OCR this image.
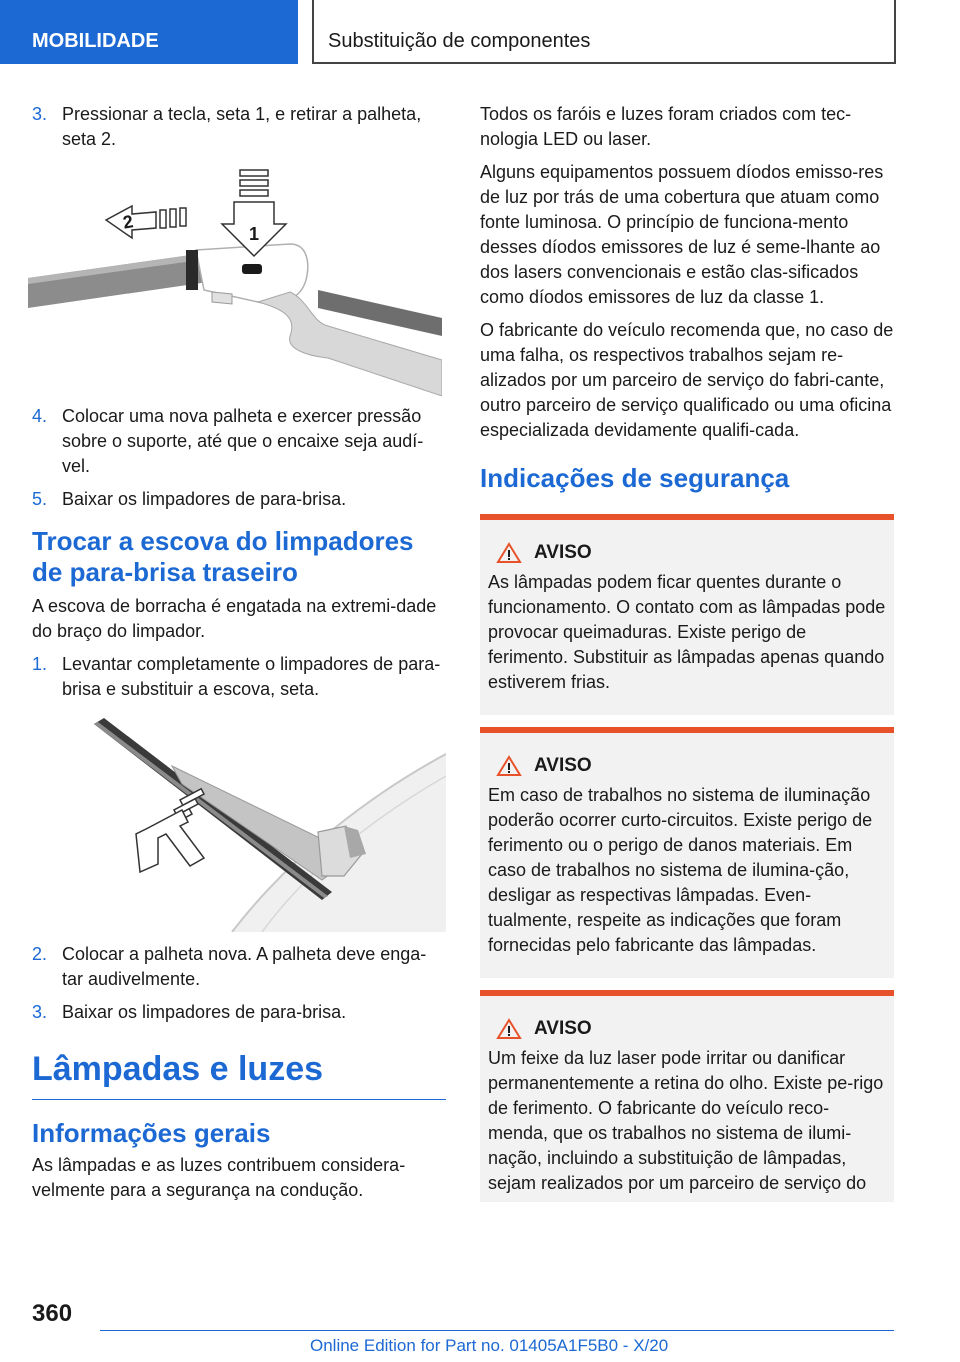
MOBILIDADE	Substituição de componentes
3. Pressionar a tecla, seta 1, e retirar a palheta, seta 2.
1
2
4. Colocar uma nova palheta e exercer pressão sobre o suporte, até que o encaixe seja audí-vel.
5. Baixar os limpadores de para-brisa.
Trocar a escova do limpadores de para-brisa traseiro

A escova de borracha é engatada na extremi-dade do braço do limpador.

1. Levantar completamente o limpadores de para-brisa e substituir a escova, seta.
2. Colocar a palheta nova. A palheta deve enga-tar audivelmente.
3. Baixar os limpadores de para-brisa.
Lâmpadas e luzes
Informações gerais

As lâmpadas e as luzes contribuem considera-velmente para a segurança na condução.

Todos os faróis e luzes foram criados com tec-nologia LED ou laser.

Alguns equipamentos possuem díodos emisso-res de luz por trás de uma cobertura que atuam como fonte luminosa. O princípio de funciona-mento desses díodos emissores de luz é seme-lhante ao dos lasers convencionais e estão clas-sificados como díodos emissores de luz da classe 1.

O fabricante do veículo recomenda que, no caso de uma falha, os respectivos trabalhos sejam re-alizados por um parceiro de serviço do fabri-cante, outro parceiro de serviço qualificado ou uma oficina especializada devidamente qualifi-cada.

Indicações de segurança
AVISO
As lâmpadas podem ficar quentes durante o funcionamento. O contato com as lâmpadas pode provocar queimaduras. Existe perigo de ferimento. Substituir as lâmpadas apenas quando estiverem frias.
AVISO
Em caso de trabalhos no sistema de iluminação poderão ocorrer curto-circuitos. Existe perigo de ferimento ou o perigo de danos materiais. Em caso de trabalhos no sistema de ilumina-ção, desligar as respectivas lâmpadas. Even-tualmente, respeite as indicações que foram fornecidas pelo fabricante das lâmpadas.
AVISO
Um feixe da luz laser pode irritar ou danificar permanentemente a retina do olho. Existe pe-rigo de ferimento. O fabricante do veículo reco-menda, que os trabalhos no sistema de ilumi-nação, incluindo a substituição de lâmpadas, sejam realizados por um parceiro de serviço do
360
Online Edition for Part no. 01405A1F5B0 - X/20
